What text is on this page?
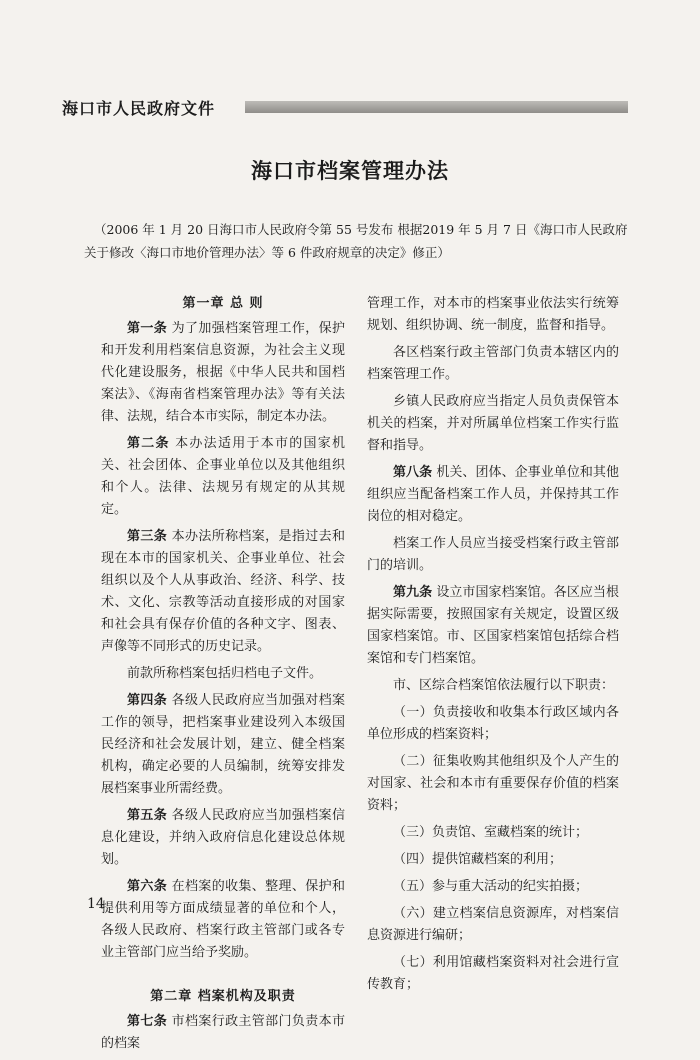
海口市人民政府文件
海口市档案管理办法
（2006 年 1 月 20 日海口市人民政府令第 55 号发布 根据2019 年 5 月 7 日《海口市人民政府关于修改〈海口市地价管理办法〉等 6 件政府规章的决定》修正）
第一章 总 则

第一条 为了加强档案管理工作，保护和开发利用档案信息资源，为社会主义现代化建设服务，根据《中华人民共和国档案法》、《海南省档案管理办法》等有关法律、法规，结合本市实际，制定本办法。

第二条 本办法适用于本市的国家机关、社会团体、企事业单位以及其他组织和个人。法律、法规另有规定的从其规定。

第三条 本办法所称档案，是指过去和现在本市的国家机关、企事业单位、社会组织以及个人从事政治、经济、科学、技术、文化、宗教等活动直接形成的对国家和社会具有保存价值的各种文字、图表、声像等不同形式的历史记录。

前款所称档案包括归档电子文件。

第四条 各级人民政府应当加强对档案工作的领导，把档案事业建设列入本级国民经济和社会发展计划，建立、健全档案机构，确定必要的人员编制，统筹安排发展档案事业所需经费。

第五条 各级人民政府应当加强档案信息化建设，并纳入政府信息化建设总体规划。

第六条 在档案的收集、整理、保护和提供利用等方面成绩显著的单位和个人，各级人民政府、档案行政主管部门或各专业主管部门应当给予奖励。

第二章 档案机构及职责

第七条 市档案行政主管部门负责本市的档案

管理工作，对本市的档案事业依法实行统筹规划、组织协调、统一制度，监督和指导。

各区档案行政主管部门负责本辖区内的档案管理工作。

乡镇人民政府应当指定人员负责保管本机关的档案，并对所属单位档案工作实行监督和指导。

第八条 机关、团体、企事业单位和其他组织应当配备档案工作人员，并保持其工作岗位的相对稳定。

档案工作人员应当接受档案行政主管部门的培训。

第九条 设立市国家档案馆。各区应当根据实际需要，按照国家有关规定，设置区级国家档案馆。市、区国家档案馆包括综合档案馆和专门档案馆。

市、区综合档案馆依法履行以下职责：

（一）负责接收和收集本行政区域内各单位形成的档案资料；

（二）征集收购其他组织及个人产生的对国家、社会和本市有重要保存价值的档案资料；

（三）负责馆、室藏档案的统计；

（四）提供馆藏档案的利用；

（五）参与重大活动的纪实拍摄；

（六）建立档案信息资源库，对档案信息资源进行编研；

（七）利用馆藏档案资料对社会进行宣传教育；

14
